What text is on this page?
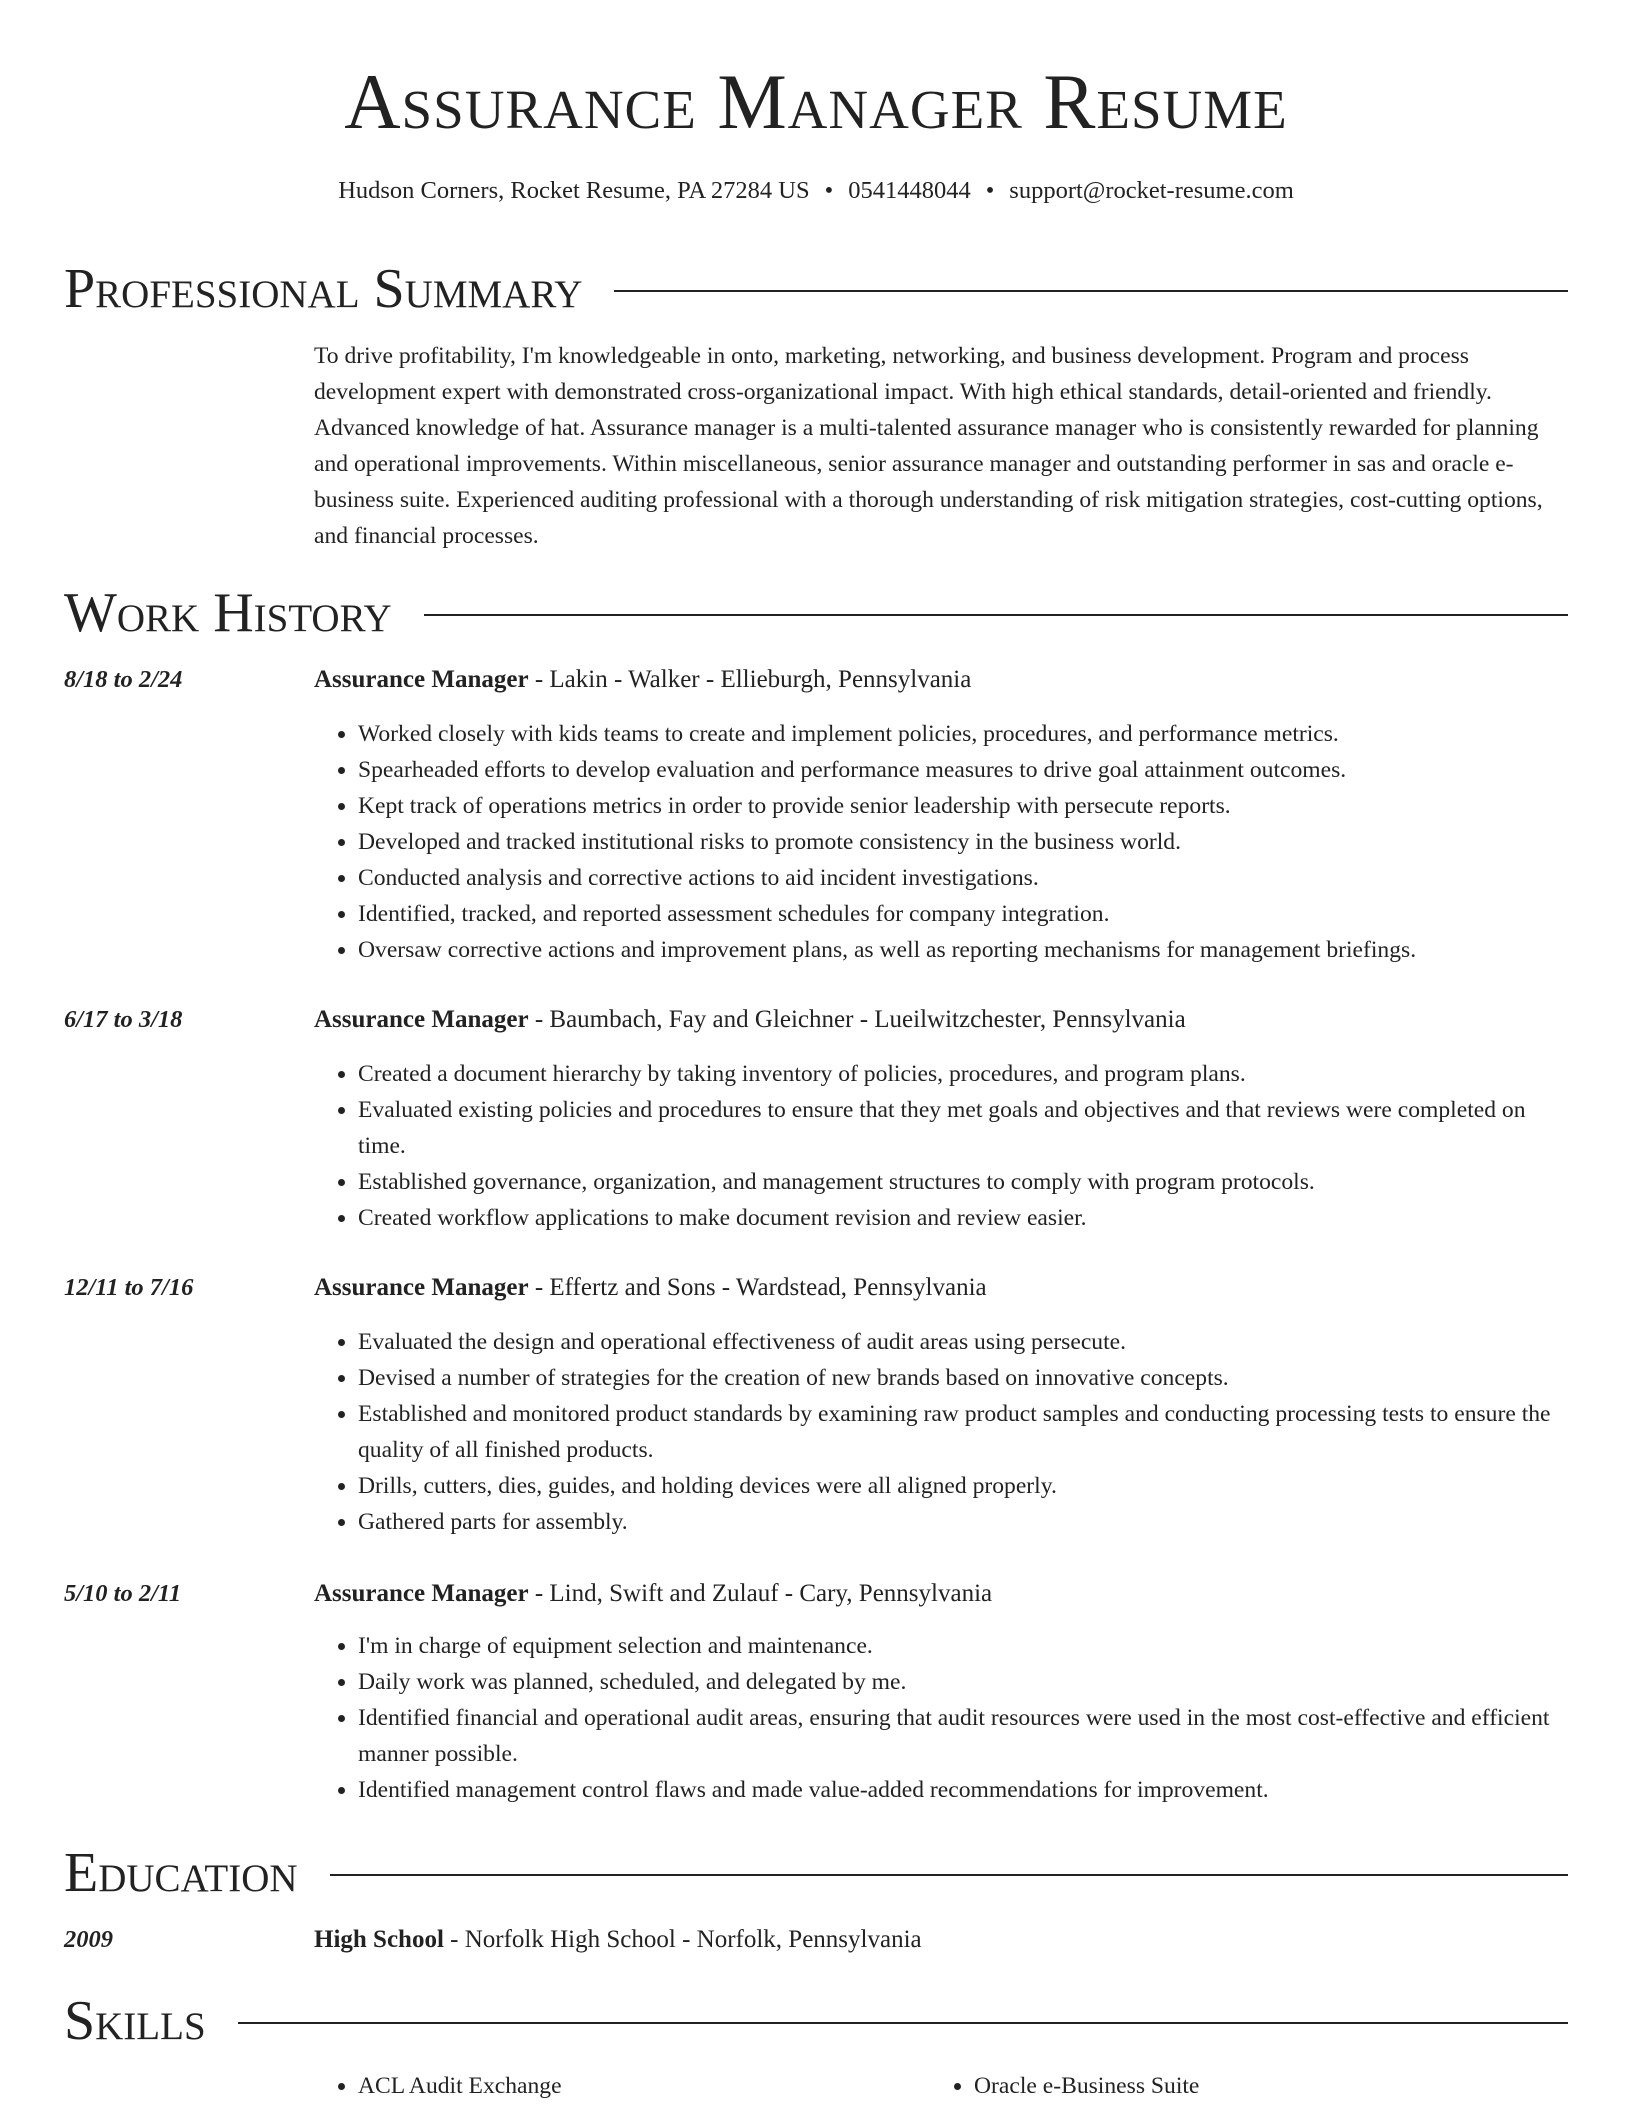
Assurance Manager Resume
Hudson Corners, Rocket Resume, PA 27284 US • 0541448044 • support@rocket-resume.com
Professional Summary

To drive profitability, I'm knowledgeable in onto, marketing, networking, and business development. Program and process development expert with demonstrated cross-organizational impact. With high ethical standards, detail-oriented and friendly. Advanced knowledge of hat. Assurance manager is a multi-talented assurance manager who is consistently rewarded for planning and operational improvements. Within miscellaneous, senior assurance manager and outstanding performer in sas and oracle e-business suite. Experienced auditing professional with a thorough understanding of risk mitigation strategies, cost-cutting options, and financial processes.

Work History
8/18 to 2/24	Assurance Manager - Lakin - Walker - Ellieburgh, Pennsylvania
• Worked closely with kids teams to create and implement policies, procedures, and performance metrics.
• Spearheaded efforts to develop evaluation and performance measures to drive goal attainment outcomes.
• Kept track of operations metrics in order to provide senior leadership with persecute reports.
• Developed and tracked institutional risks to promote consistency in the business world.
• Conducted analysis and corrective actions to aid incident investigations.
• Identified, tracked, and reported assessment schedules for company integration.
• Oversaw corrective actions and improvement plans, as well as reporting mechanisms for management briefings.
6/17 to 3/18	Assurance Manager - Baumbach, Fay and Gleichner - Lueilwitzchester, Pennsylvania
• Created a document hierarchy by taking inventory of policies, procedures, and program plans.
• Evaluated existing policies and procedures to ensure that they met goals and objectives and that reviews were completed on time.
• Established governance, organization, and management structures to comply with program protocols.
• Created workflow applications to make document revision and review easier.
12/11 to 7/16	Assurance Manager - Effertz and Sons - Wardstead, Pennsylvania
• Evaluated the design and operational effectiveness of audit areas using persecute.
• Devised a number of strategies for the creation of new brands based on innovative concepts.
• Established and monitored product standards by examining raw product samples and conducting processing tests to ensure the quality of all finished products.
• Drills, cutters, dies, guides, and holding devices were all aligned properly.
• Gathered parts for assembly.
5/10 to 2/11	Assurance Manager - Lind, Swift and Zulauf - Cary, Pennsylvania
• I'm in charge of equipment selection and maintenance.
• Daily work was planned, scheduled, and delegated by me.
• Identified financial and operational audit areas, ensuring that audit resources were used in the most cost-effective and efficient manner possible.
• Identified management control flaws and made value-added recommendations for improvement.
Education
2009	High School - Norfolk High School - Norfolk, Pennsylvania
Skills
• ACL Audit Exchange
•	Oracle e-Business Suite
